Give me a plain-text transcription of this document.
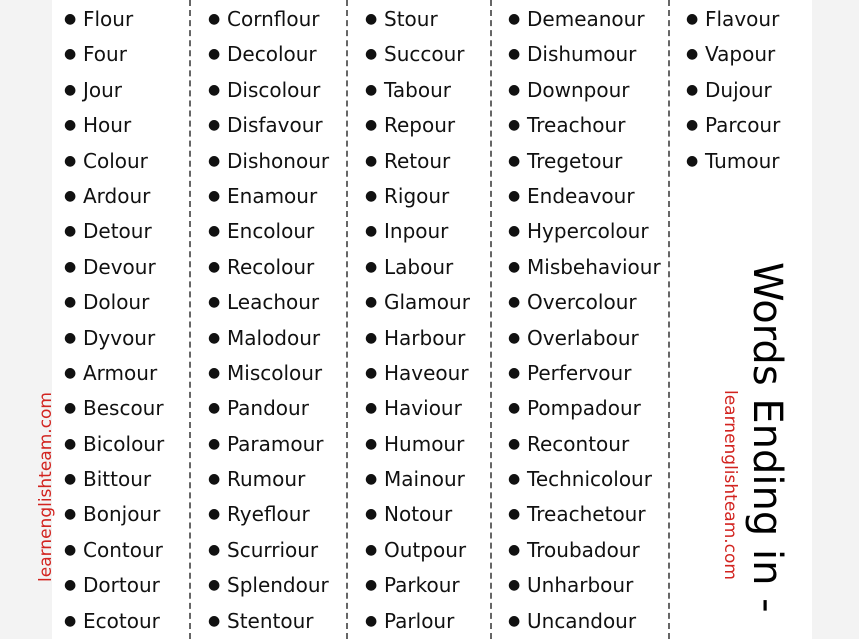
● Flour
● Four
● Jour
● Hour
● Colour
● Ardour
● Detour
● Devour
● Dolour
● Dyvour
● Armour
● Bescour
● Bicolour
● Bittour
● Bonjour
● Contour
● Dortour
● Ecotour
● Cornflour
● Decolour
● Discolour
● Disfavour
● Dishonour
● Enamour
● Encolour
● Recolour
● Leachour
● Malodour
● Miscolour
● Pandour
● Paramour
● Rumour
● Ryeflour
● Scurriour
● Splendour
● Stentour
● Stour
● Succour
● Tabour
● Repour
● Retour
● Rigour
● Inpour
● Labour
● Glamour
● Harbour
● Haveour
● Haviour
● Humour
● Mainour
● Notour
● Outpour
● Parkour
● Parlour
● Demeanour
● Dishumour
● Downpour
● Treachour
● Tregetour
● Endeavour
● Hypercolour
● Misbehaviour
● Overcolour
● Overlabour
● Perfervour
● Pompadour
● Recontour
● Technicolour
● Treachetour
● Troubadour
● Unharbour
● Uncandour
● Flavour
● Vapour
● Dujour
● Parcour
● Tumour
Words Ending in -
learnenglishteam.com	learnenglishteam.com
